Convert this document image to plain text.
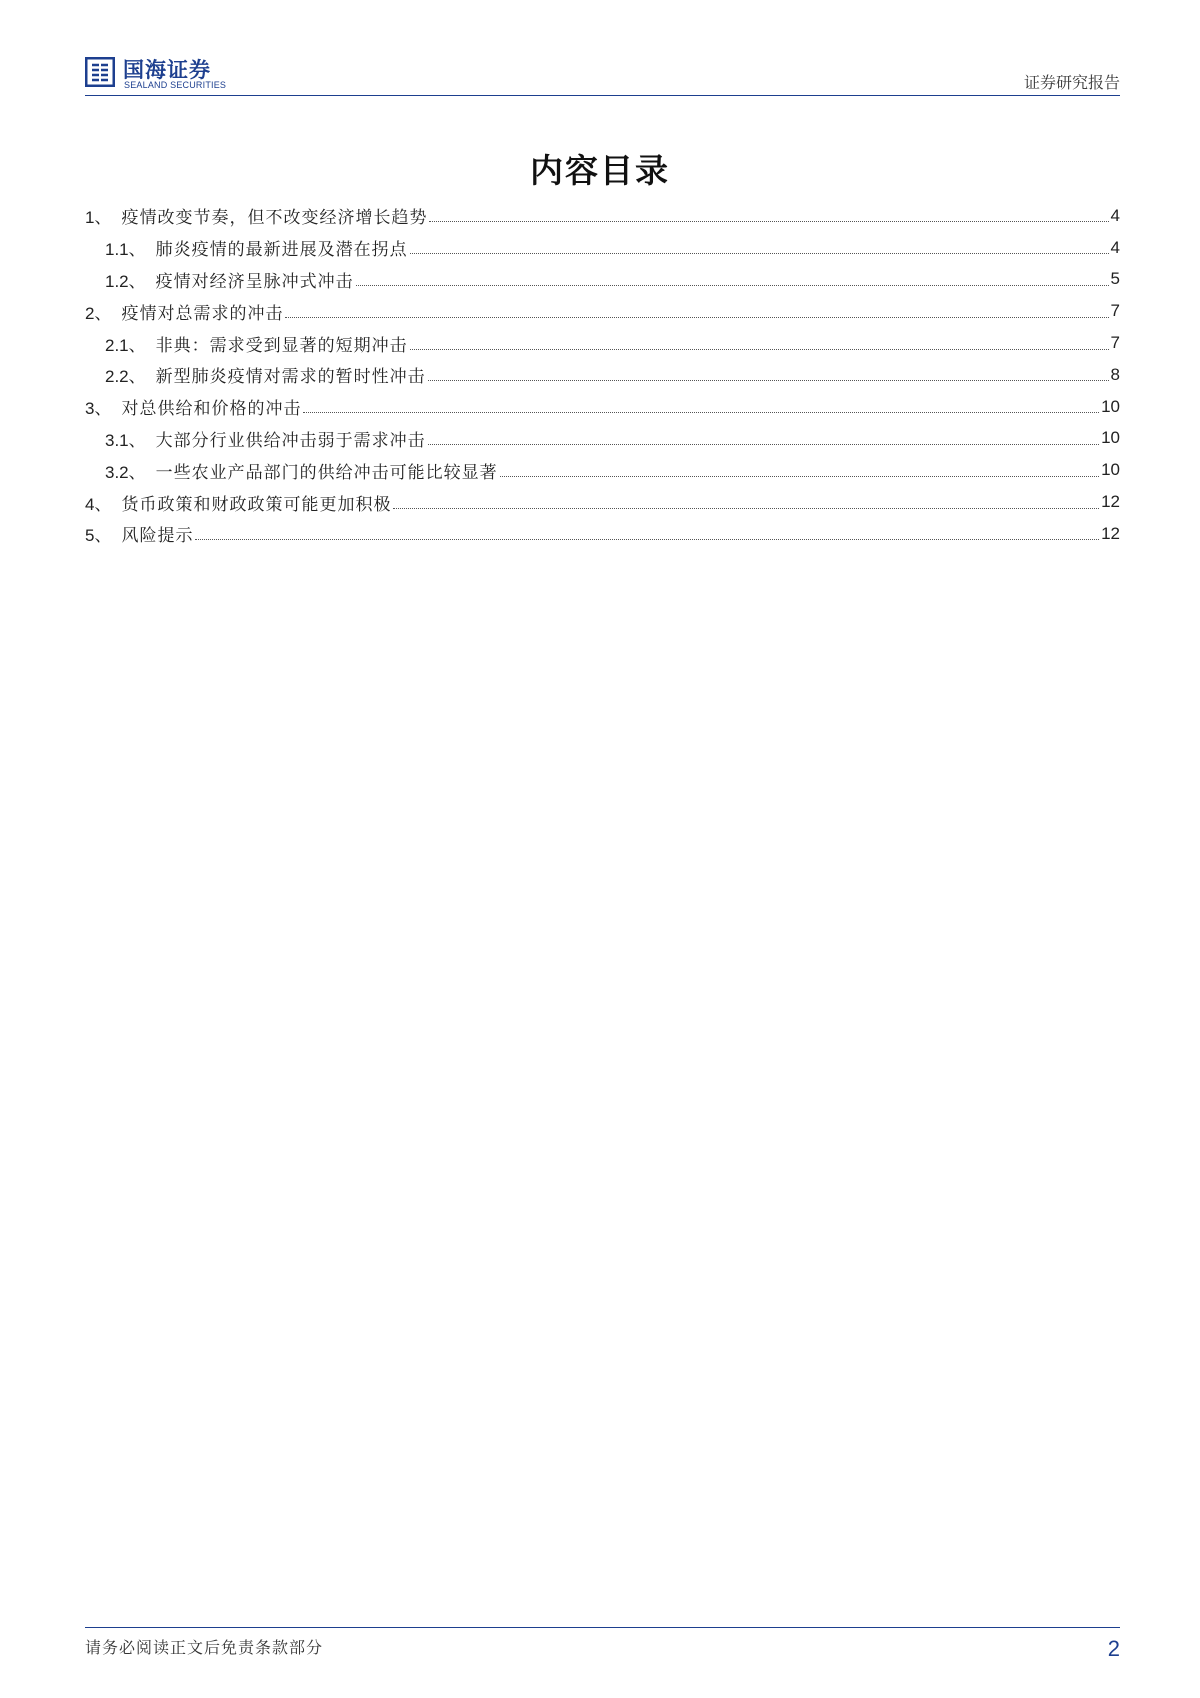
国海证券
SEALAND SECURITIES	证券研究报告
内容目录
1、 疫情改变节奏，但不改变经济增长趋势	4
1.1、 肺炎疫情的最新进展及潜在拐点	4
1.2、 疫情对经济呈脉冲式冲击	5
2、 疫情对总需求的冲击	7
2.1、 非典：需求受到显著的短期冲击	7
2.2、 新型肺炎疫情对需求的暂时性冲击	8
3、 对总供给和价格的冲击	10
3.1、 大部分行业供给冲击弱于需求冲击	10
3.2、 一些农业产品部门的供给冲击可能比较显著	10
4、 货币政策和财政政策可能更加积极	12
5、 风险提示	12
请务必阅读正文后免责条款部分	2
